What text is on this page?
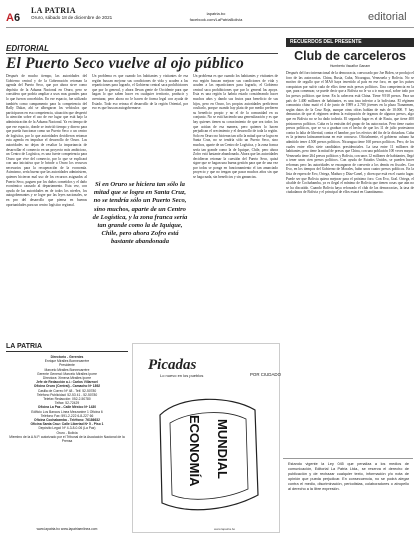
A6
LA PATRIA
Oruro, sábado 18 de diciembre de 2021
lapatria.bo
facebook.com/LaPatriaBolivia	editorial
EDITORIAL
El Puerto Seco vuelve al ojo público
Después de mucho tiempo, las autoridades del Gobierno central y de la Gobernación retoman la agenda del Puerto Seco, que por ahora sirve como depósito de la Aduana Nacional en Oruro, pero se considera que podría ampliar a usos mas grandes para lo que fueron concebidos. En ese espacio, fue utilizado también como campamento para la competencia del Rally Dakar, ahí se albergaron los vehículos que participaron en esa competencia, situación que despertó la atención sobre el uso de ese lugar que está bajo la administración de la Aduana Nacional. Ya en tiempo de que ese espacio, donde se invirtió tiempo y dinero para que pueda funcionar como un Puerto Seco o un centro de logística, por lo que autoridades decidieron retomar esta agenda en impulsar el desarrollo de Oruro. Las autoridades no dejan de resaltar la importancia de desarrollar el comercio en un proyecto más ambicioso, un Centro de Logística, es una fuerte competencia para Oruro que vive del comercio, por lo que se explicará con una iniciativa que le brinde a Oruro los recursos necesarios para la recuperación de la economía. Asimismo, sería bueno que las autoridades administren, quienes hicieron mal uso de los recursos asignados al Puerto Seco, paguen por los daños cometidos y el daño económico causado al departamento. Esta vez, con ayuda de las autoridades en de todos los niveles, los autogobernantes y se logre por las leyes nacionales, se en pro del desarrollo que piensa en buenas oportunidades para un centro logístico regional.
Un problema es que cuando los habitantes y visitantes de esa región buscan mejorar sus condiciones de vida y acuden a las reparticiones para lograrlo, el Gobierno central saca prohibiciones que por lo general, y ahora llevan gente de Occidente para que hagan lo que saben hacer en cualquier territorio, producir y aventurar, pero ahora no le hacen de forma legal con ayuda de Estado. Todo eso retrasa el desarrollo de la región Oriental, por eso es que buscan autogobernarse.
Si en Oruro se hiciera tan sólo la mitad que se logra en Santa Cruz, no se tendría sólo un Puerto Seco, sino muchos, aparte de un Centro de Logística, y la zona franca sería tan grande como la de Iquique, Chile, pero ahora Zofro está bastante abandonada
Un problema es que cuando los habitantes y visitantes de esa región buscan mejorar sus condiciones de vida y acuden a las reparticiones para lograrlo, el Gobierno central saca prohibiciones que por lo general las apoya. Esta es una región la habría estado considerando hacer muchos años y dando sus frutos para beneficio de sus hijos, pero en Oruro, los propios autoridades prefirieron ocultarlo, porque cuando hay plata de por medio prefieren su beneficio propio y no el de la comunidad en su conjunto. No se está haciendo una generalización y es que hay quienes tienen su conocimiento de que sea todos los que actúan de esa manera, pero quienes lo hacen perjudican el crecimiento y el desarrollo de toda la región. Solo en Oruro no hicieran tan sólo la mitad que se logra en Santa Cruz, no se tendría sólo un Puerto Seco, sino muchos, aparte de un Centro de Logística, y la zona franca sería tan grande como la de Iquique, Chile, pero ahora Zofro está bastante abandonada. Ahora que las autoridades decidieron retomar la cuestión del Puerto Seco, quizá signe que se hagan una buena gestión para que de una vez por todas se ponga en funcionamiento el tan anunciado proyecto y que no tengan que pasar muchos años sin que se haga nada, sin beneficios y sin ganancias.
LA PATRIA
Directorio - Gerentes
Enrique Miralles Bonnecarrère
Presidente
Marcelo Miralles Bonnecarrère
Gerente General: Marcelo Miralles Iporre
Directora: Ximena Miralles Iporre
Jefe de Redacción a.i.: Carlos Villarroel
Oficina Oruro (Central) - Camacho Nº 1892
Casilla de Correo Nº 48 - Telf. 52-50780
Teléfono Publicidad: 52-53 41 - 52-50780
Telefax Redacción: 052-2-50780
Telfax: 52-72429
Oficina La Paz - Calle México Nº 1430
Edificio Los Bancos Línea Mezzanine 1 Oficina 6
Teléfono Fax: 591-2-222 6-8-227 66
Oficina Cochabamba - Teléfono: 76186632
Oficina Santa Cruz: Calle Libertad Nº 5 - Piso 1
Depósito Legal: Nº 4-3-8-0-06 (La Paz)
Oruro - Bolivia
Miembro de la A.N.P. autorizado por el Tribunal de la Asociación Nacional de la Prensa
www.lapatria.bo www.lapatriaenlinea.com
Picadas
Lo nuevo en los pueblos	POR CIUDADO
ECONOMÍA MUNDIAL
www.lapatria.bo
RECUERDOS DEL PRESENTE
Club de carceleros
Humberto Vacaflor Ganam
Después del foro internacional de la democracia, convocado por Joe Biden, se produjo el foro de las autocracias. China, Rusia, Cuba, Nicaragua, Venezuela y Bolivia. No se motivo de orgullo que el MAS haya invertido al país en ese foro, en que los países conquistan por sufrir cada de ellos tiene más presos políticos. Una competencia en la que, para comenzar, se puede decir que a Bolivia no le va a ir muy mal, sobre todo por los presos políticos que tiene. En la cabecera está China. Tiene 9.918 presos. Para un país de 1.400 millones de habitantes, es una tasa inferior a la boliviana. El régimen comunista chino mató el 4 de junio de 1989 a 2.700 jóvenes en la plaza Tiananmen, según datos de la Cruz Roja, aunque otras cifras hablan de más de 10.000. Y hay denuncias de que el régimen ordena la extirpación de órganos de algunos presos, algo que en Bolivia no se ha dado todavía. El segundo lugar es el de Rusia, que tiene 400 prisioneros políticos. Cuba es la emisión del grupo de las autocracias. Pero tiene cuatro presos políticos, que se va a graduar con el hecho de que los 11 de julio protestaron contra la falta de libertad, contra el hambre, por los efectos del fin de la dictadura. Cuba es la primera latinoamericana en este concurso. Oficialmente, el gobierno cubano ha admitido tener 4.500 presos políticos. Nicaragua tiene 160 presos políticos. Pero, de los cuales entre ellos siete candidatos presidenciales. La tasa entre 11 millones de habitantes, pero tiene la mitad de presos que China, con una población 100 veces mayor. Venezuela tiene 264 presos políticos y Bolivia, con unos 12 millones de habitantes, llegó a tener unos cien presos políticos. Con ayuda de Estados Unidos, se pueden hacer reformas pero las autoridades se encargaron de convertir a los demás en fiscales. Con Evo, en los tiempos del Gobierno de Morales, hubo unos cuatro presos políticos. En la lista de espera de Evo, Ortega, Maduro y Díaz-Canel, y dicen que está en el cuarto lugar. Puede ser que Bolivia quiera mejorar para el próximo foro. Con Evo, Gral. Ortega, el alcalde de Cochabamba, ya es ilegal el mínimo de Bolivia que tienen cosas que aún no se ha discutido. Cuando Bolivia haya reforzado el club de las democracias, la tasa de ciudadanos de Bolivia y el principal de ellos estará en Guantánamo.
Estando vigente la Ley 045 que penaliza a los medios de comunicación, Editorial La Patria Ltda., se reserva el derecho de publicación y de rechazar cualquier texto, información y/o nota de opinión que pueda perjudicar. En consecuencia, no se podrá alegar contra el medio, discriminación, periodistas, colaboradores o atropello al derecho a la libre expresión.
